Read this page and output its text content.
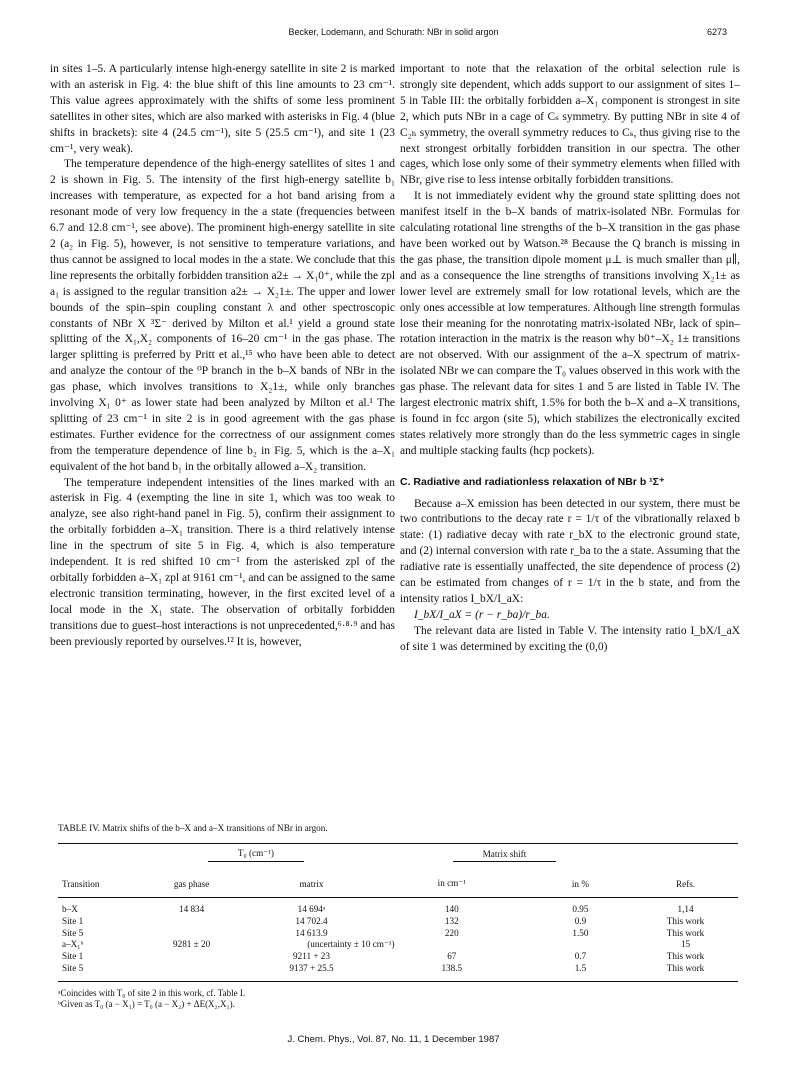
Becker, Lodemann, and Schurath: NBr in solid argon	6273

in sites 1–5. A particularly intense high-energy satellite in site 2 is marked with an asterisk in Fig. 4: the blue shift of this line amounts to 23 cm⁻¹. This value agrees approximately with the shifts of some less prominent satellites in other sites, which are also marked with asterisks in Fig. 4 (blue shifts in brackets): site 4 (24.5 cm⁻¹), site 5 (25.5 cm⁻¹), and site 1 (23 cm⁻¹, very weak).

The temperature dependence of the high-energy satellites of sites 1 and 2 is shown in Fig. 5. The intensity of the first high-energy satellite b₁ increases with temperature, as expected for a hot band arising from a resonant mode of very low frequency in the a state (frequencies between 6.7 and 12.8 cm⁻¹, see above). The prominent high-energy satellite in site 2 (a₂ in Fig. 5), however, is not sensitive to temperature variations, and thus cannot be assigned to local modes in the a state. We conclude that this line represents the orbitally forbidden transition a2± → X₁0⁺, while the zpl a₁ is assigned to the regular transition a2± → X₂1±. The upper and lower bounds of the spin–spin coupling constant λ and other spectroscopic constants of NBr X ³Σ⁻ derived by Milton et al.¹ yield a ground state splitting of the X₁,X₂ components of 16–20 cm⁻¹ in the gas phase. The larger splitting is preferred by Pritt et al.,¹⁵ who have been able to detect and analyze the contour of the ⁰P branch in the b–X bands of NBr in the gas phase, which involves transitions to X₂1±, while only branches involving X₁ 0⁺ as lower state had been analyzed by Milton et al.¹ The splitting of 23 cm⁻¹ in site 2 is in good agreement with the gas phase estimates. Further evidence for the correctness of our assignment comes from the temperature dependence of line b₂ in Fig. 5, which is the a–X₁ equivalent of the hot band b₁ in the orbitally allowed a–X₂ transition.

The temperature independent intensities of the lines marked with an asterisk in Fig. 4 (exempting the line in site 1, which was too weak to analyze, see also right-hand panel in Fig. 5), confirm their assignment to the orbitally forbidden a–X₁ transition. There is a third relatively intense line in the spectrum of site 5 in Fig. 4, which is also temperature independent. It is red shifted 10 cm⁻¹ from the asterisked zpl of the orbitally forbidden a–X₁ zpl at 9161 cm⁻¹, and can be assigned to the same electronic transition terminating, however, in the first excited level of a local mode in the X₁ state. The observation of orbitally forbidden transitions due to guest–host interactions is not unprecedented,⁶·⁸·⁹ and has been previously reported by ourselves.¹² It is, however,

important to note that the relaxation of the orbital selection rule is strongly site dependent, which adds support to our assignment of sites 1–5 in Table III: the orbitally forbidden a–X₁ component is strongest in site 2, which puts NBr in a cage of Cₛ symmetry. By putting NBr in site 4 of C₂ₕ symmetry, the overall symmetry reduces to Cₛ, thus giving rise to the next strongest orbitally forbidden transition in our spectra. The other cages, which lose only some of their symmetry elements when filled with NBr, give rise to less intense orbitally forbidden transitions.

It is not immediately evident why the ground state splitting does not manifest itself in the b–X bands of matrix-isolated NBr. Formulas for calculating rotational line strengths of the b–X transition in the gas phase have been worked out by Watson.²⁸ Because the Q branch is missing in the gas phase, the transition dipole moment μ⊥ is much smaller than μ∥, and as a consequence the line strengths of transitions involving X₂1± as lower level are extremely small for low rotational levels, which are the only ones accessible at low temperatures. Although line strength formulas lose their meaning for the nonrotating matrix-isolated NBr, lack of spin–rotation interaction in the matrix is the reason why b0⁺–X₂ 1± transitions are not observed. With our assignment of the a–X spectrum of matrix-isolated NBr we can compare the T₀ values observed in this work with the gas phase. The relevant data for sites 1 and 5 are listed in Table IV. The largest electronic matrix shift, 1.5% for both the b–X and a–X transitions, is found in fcc argon (site 5), which stabilizes the electronically excited states relatively more strongly than do the less symmetric cages in single and multiple stacking faults (hcp pockets).

C. Radiative and radiationless relaxation of NBr b ¹Σ⁺

Because a–X emission has been detected in our system, there must be two contributions to the decay rate r = 1/τ of the vibrationally relaxed b state: (1) radiative decay with rate r_bX to the electronic ground state, and (2) internal conversion with rate r_ba to the a state. Assuming that the radiative rate is essentially unaffected, the site dependence of process (2) can be estimated from changes of r = 1/τ in the b state, and from the intensity ratios I_bX/I_aX:

I_bX/I_aX = (r − r_ba)/r_ba.

The relevant data are listed in Table V. The intensity ratio I_bX/I_aX of site 1 was determined by exciting the (0,0)

TABLE IV. Matrix shifts of the b–X and a–X transitions of NBr in argon.
	T₀ (cm⁻¹)		Matrix shift		
Transition	gas phase	matrix	in cm⁻¹	in %	Refs.
b–X	14 834	14 694ᵃ	140	0.95	1,14
Site 1		14 702.4	132	0.9	This work
Site 5		14 613.9	220	1.50	This work
a–X₁ᵇ	9281 ± 20	(uncertainty ± 10 cm⁻¹)			15
Site 1		9211 + 23	67	0.7	This work
Site 5		9137 + 25.5	138.5	1.5	This work
ᵃCoincides with T₀ of site 2 in this work, cf. Table I.
ᵇGiven as T₀ (a − X₁) = T₀ (a − X₂) + ΔE(X₂,X₁).
J. Chem. Phys., Vol. 87, No. 11, 1 December 1987
